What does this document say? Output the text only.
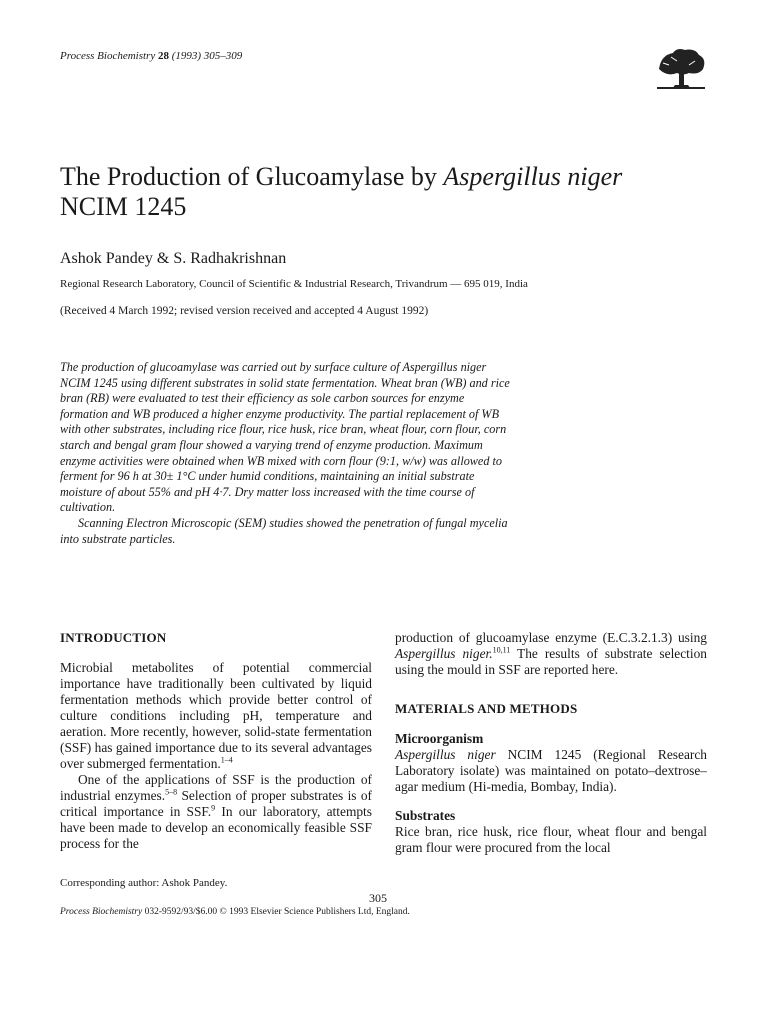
Process Biochemistry 28 (1993) 305–309
The Production of Glucoamylase by Aspergillus niger
NCIM 1245
Ashok Pandey & S. Radhakrishnan
Regional Research Laboratory, Council of Scientific & Industrial Research, Trivandrum — 695 019, India
(Received 4 March 1992; revised version received and accepted 4 August 1992)

The production of glucoamylase was carried out by surface culture of Aspergillus niger NCIM 1245 using different substrates in solid state fermentation. Wheat bran (WB) and rice bran (RB) were evaluated to test their efficiency as sole carbon sources for enzyme formation and WB produced a higher enzyme productivity. The partial replacement of WB with other substrates, including rice flour, rice husk, rice bran, wheat flour, corn flour, corn starch and bengal gram flour showed a varying trend of enzyme production. Maximum enzyme activities were obtained when WB mixed with corn flour (9:1, w/w) was allowed to ferment for 96 h at 30± 1°C under humid conditions, maintaining an initial substrate moisture of about 55% and pH 4·7. Dry matter loss increased with the time course of cultivation.

Scanning Electron Microscopic (SEM) studies showed the penetration of fungal mycelia into substrate particles.

INTRODUCTION

Microbial metabolites of potential commercial importance have traditionally been cultivated by liquid fermentation methods which provide better control of culture conditions including pH, temperature and aeration. More recently, however, solid-state fermentation (SSF) has gained importance due to its several advantages over submerged fermentation.$^{1-4}$

One of the applications of SSF is the production of industrial enzymes.$^{5-8}$ Selection of proper substrates is of critical importance in SSF.$^9$ In our laboratory, attempts have been made to develop an economically feasible SSF process for the

production of glucoamylase enzyme (E.C.3.2.1.3) using Aspergillus niger.$^{10,11}$ The results of substrate selection using the mould in SSF are reported here.

MATERIALS AND METHODS
Microorganism

Aspergillus niger NCIM 1245 (Regional Research Laboratory isolate) was maintained on potato–dextrose–agar medium (Hi-media, Bombay, India).

Substrates

Rice bran, rice husk, rice flour, wheat flour and bengal gram flour were procured from the local

Corresponding author: Ashok Pandey.
305
Process Biochemistry 032-9592/93/$6.00 © 1993 Elsevier Science Publishers Ltd, England.
